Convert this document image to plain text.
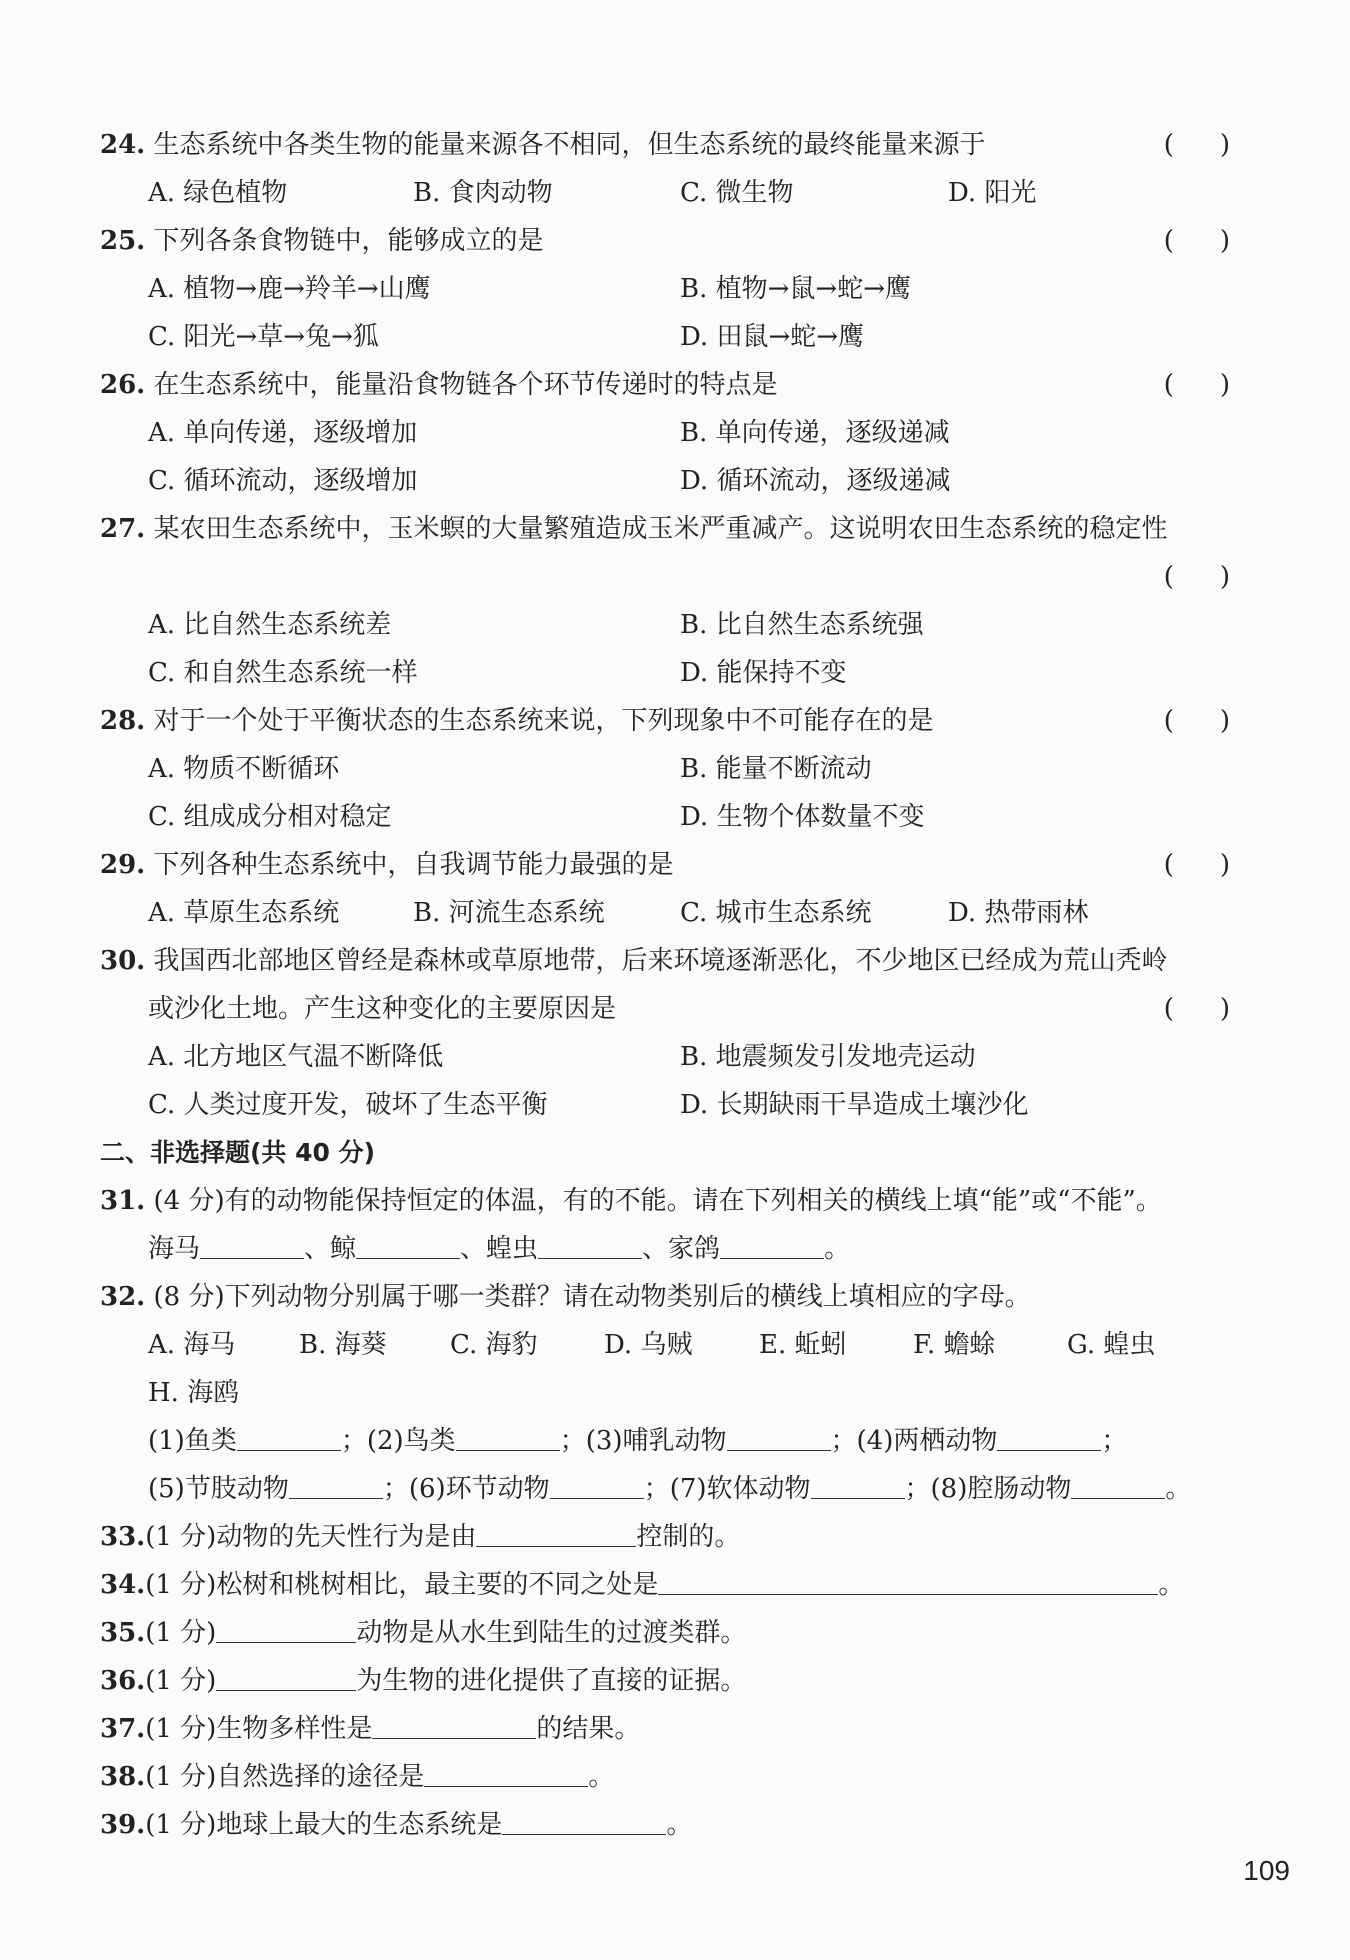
24. 生态系统中各类生物的能量来源各不相同，但生态系统的最终能量来源于	( )
A. 绿色植物	B. 食肉动物	C. 微生物	D. 阳光
25. 下列各条食物链中，能够成立的是	( )
A. 植物→鹿→羚羊→山鹰	B. 植物→鼠→蛇→鹰
C. 阳光→草→兔→狐	D. 田鼠→蛇→鹰
26. 在生态系统中，能量沿食物链各个环节传递时的特点是	( )
A. 单向传递，逐级增加	B. 单向传递，逐级递减
C. 循环流动，逐级增加	D. 循环流动，逐级递减
27. 某农田生态系统中，玉米螟的大量繁殖造成玉米严重减产。这说明农田生态系统的稳定性
( )
A. 比自然生态系统差	B. 比自然生态系统强
C. 和自然生态系统一样	D. 能保持不变
28. 对于一个处于平衡状态的生态系统来说，下列现象中不可能存在的是	( )
A. 物质不断循环	B. 能量不断流动
C. 组成成分相对稳定	D. 生物个体数量不变
29. 下列各种生态系统中，自我调节能力最强的是	( )
A. 草原生态系统	B. 河流生态系统	C. 城市生态系统	D. 热带雨林
30. 我国西北部地区曾经是森林或草原地带，后来环境逐渐恶化，不少地区已经成为荒山秃岭
或沙化土地。产生这种变化的主要原因是	( )
A. 北方地区气温不断降低	B. 地震频发引发地壳运动
C. 人类过度开发，破坏了生态平衡	D. 长期缺雨干旱造成土壤沙化
二、非选择题(共 40 分)
31. (4 分)有的动物能保持恒定的体温，有的不能。请在下列相关的横线上填“能”或“不能”。
海马	、鲸	、蝗虫	、家鸽	。
32. (8 分)下列动物分别属于哪一类群？请在动物类别后的横线上填相应的字母。
A. 海马 B. 海葵 C. 海豹	D. 乌贼	E. 蚯蚓	F. 蟾蜍	G. 蝗虫
H. 海鸥
(1)鱼类	；(2)鸟类	；(3)哺乳动物	；(4)两栖动物	；
(5)节肢动物	；(6)环节动物	；(7)软体动物	；(8)腔肠动物	。
33.(1 分)动物的先天性行为是由	控制的。
34.(1 分)松树和桃树相比，最主要的不同之处是	。
35.(1 分)	动物是从水生到陆生的过渡类群。
36.(1 分)	为生物的进化提供了直接的证据。
37.(1 分)生物多样性是	的结果。
38.(1 分)自然选择的途径是	。
39.(1 分)地球上最大的生态系统是	。
109
